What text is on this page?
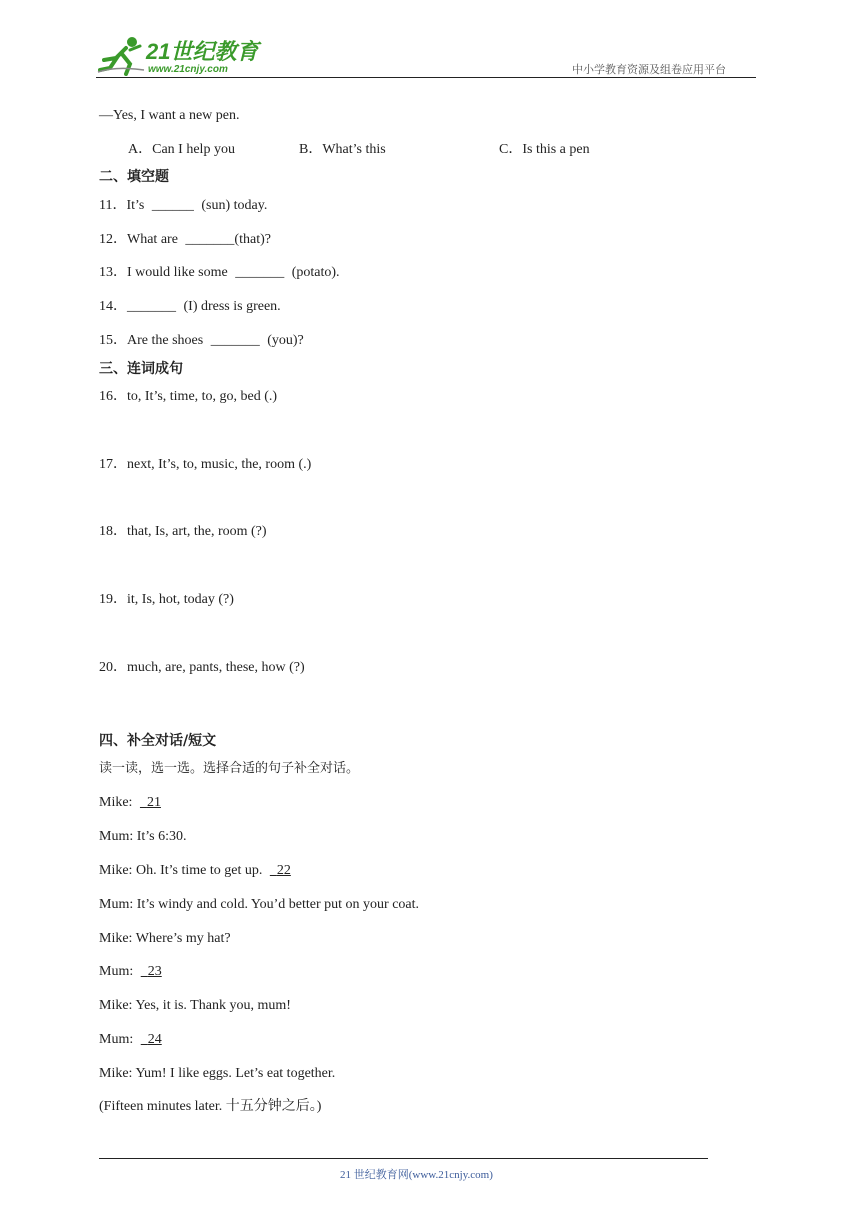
21世纪教育
www.21cnjy.com	中小学教育资源及组卷应用平台
—Yes, I want a new pen.
A．Can I help you	B．What’s this	C．Is this a pen
二、填空题
11．It’s ______ (sun) today.
12．What are _______(that)?
13．I would like some _______ (potato).
14．_______ (I) dress is green.
15．Are the shoes _______ (you)?
三、连词成句
16．to, It’s, time, to, go, bed (.)
17．next, It’s, to, music, the, room (.)
18．that, Is, art, the, room (?)
19．it, Is, hot, today (?)
20．much, are, pants, these, how (?)
四、补全对话/短文
读一读，选一选。选择合适的句子补全对话。
Mike: 21
Mum: It’s 6:30.
Mike: Oh. It’s time to get up. 22
Mum: It’s windy and cold. You’d better put on your coat.
Mike: Where’s my hat?
Mum: 23
Mike: Yes, it is. Thank you, mum!
Mum: 24
Mike: Yum! I like eggs. Let’s eat together.
(Fifteen minutes later. 十五分钟之后。)
21 世纪教育网(www.21cnjy.com)
